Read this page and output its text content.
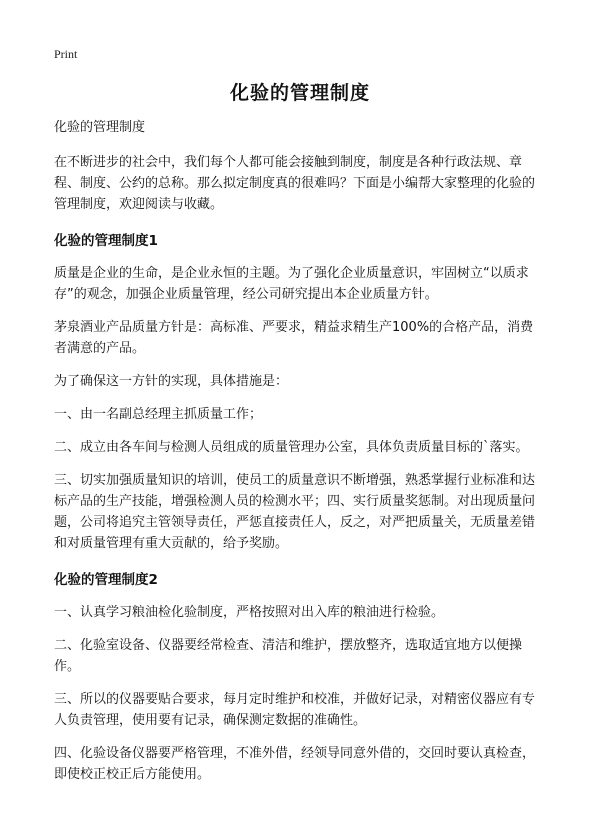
Print
化验的管理制度
化验的管理制度

在不断进步的社会中，我们每个人都可能会接触到制度，制度是各种行政法规、章程、制度、公约的总称。那么拟定制度真的很难吗？下面是小编帮大家整理的化验的管理制度，欢迎阅读与收藏。

化验的管理制度1

质量是企业的生命，是企业永恒的主题。为了强化企业质量意识，牢固树立“以质求存”的观念，加强企业质量管理，经公司研究提出本企业质量方针。

茅泉酒业产品质量方针是：高标准、严要求，精益求精生产100%的合格产品，消费者满意的产品。

为了确保这一方针的实现，具体措施是：

一、由一名副总经理主抓质量工作；

二、成立由各车间与检测人员组成的质量管理办公室，具体负责质量目标的`落实。

三、切实加强质量知识的培训，使员工的质量意识不断增强，熟悉掌握行业标准和达标产品的生产技能，增强检测人员的检测水平；四、实行质量奖惩制。对出现质量问题，公司将追究主管领导责任，严惩直接责任人，反之，对严把质量关，无质量差错和对质量管理有重大贡献的，给予奖励。

化验的管理制度2

一、认真学习粮油检化验制度，严格按照对出入库的粮油进行检验。

二、化验室设备、仪器要经常检查、清洁和维护，摆放整齐，选取适宜地方以便操作。

三、所以的仪器要贴合要求，每月定时维护和校准，并做好记录，对精密仪器应有专人负责管理，使用要有记录，确保测定数据的准确性。

四、化验设备仪器要严格管理，不准外借，经领导同意外借的，交回时要认真检查，即使校正校正后方能使用。
